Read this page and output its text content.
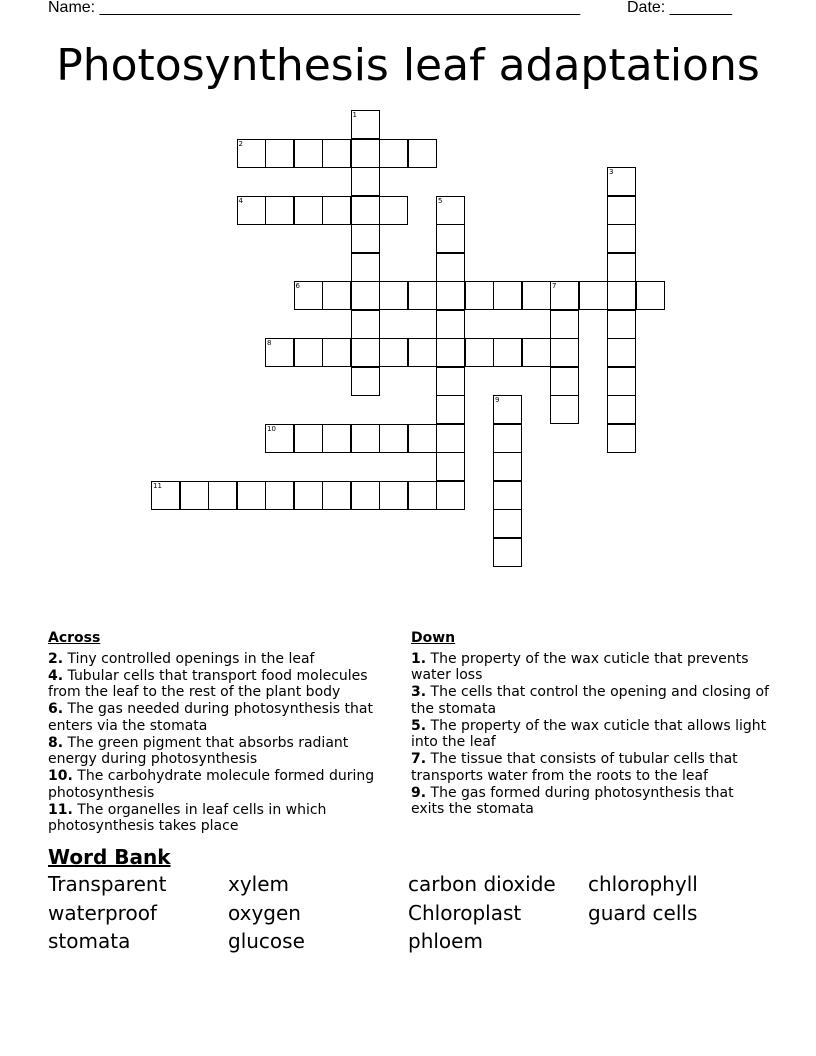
Name: ______________________________________________________	Date: _______
Photosynthesis leaf adaptations
1
2
3
4	5
6	7
8
9
10
11
Across
2. Tiny controlled openings in the leaf
4. Tubular cells that transport food molecules from the leaf to the rest of the plant body
6. The gas needed during photosynthesis that enters via the stomata
8. The green pigment that absorbs radiant energy during photosynthesis
10. The carbohydrate molecule formed during photosynthesis
11. The organelles in leaf cells in which photosynthesis takes place
Down
1. The property of the wax cuticle that prevents water loss
3. The cells that control the opening and closing of the stomata
5. The property of the wax cuticle that allows light into the leaf
7. The tissue that consists of tubular cells that transports water from the roots to the leaf
9. The gas formed during photosynthesis that exits the stomata
Word Bank
Transparent	xylem	carbon dioxide	chlorophyll
waterproof	oxygen	Chloroplast	guard cells
stomata	glucose	phloem
